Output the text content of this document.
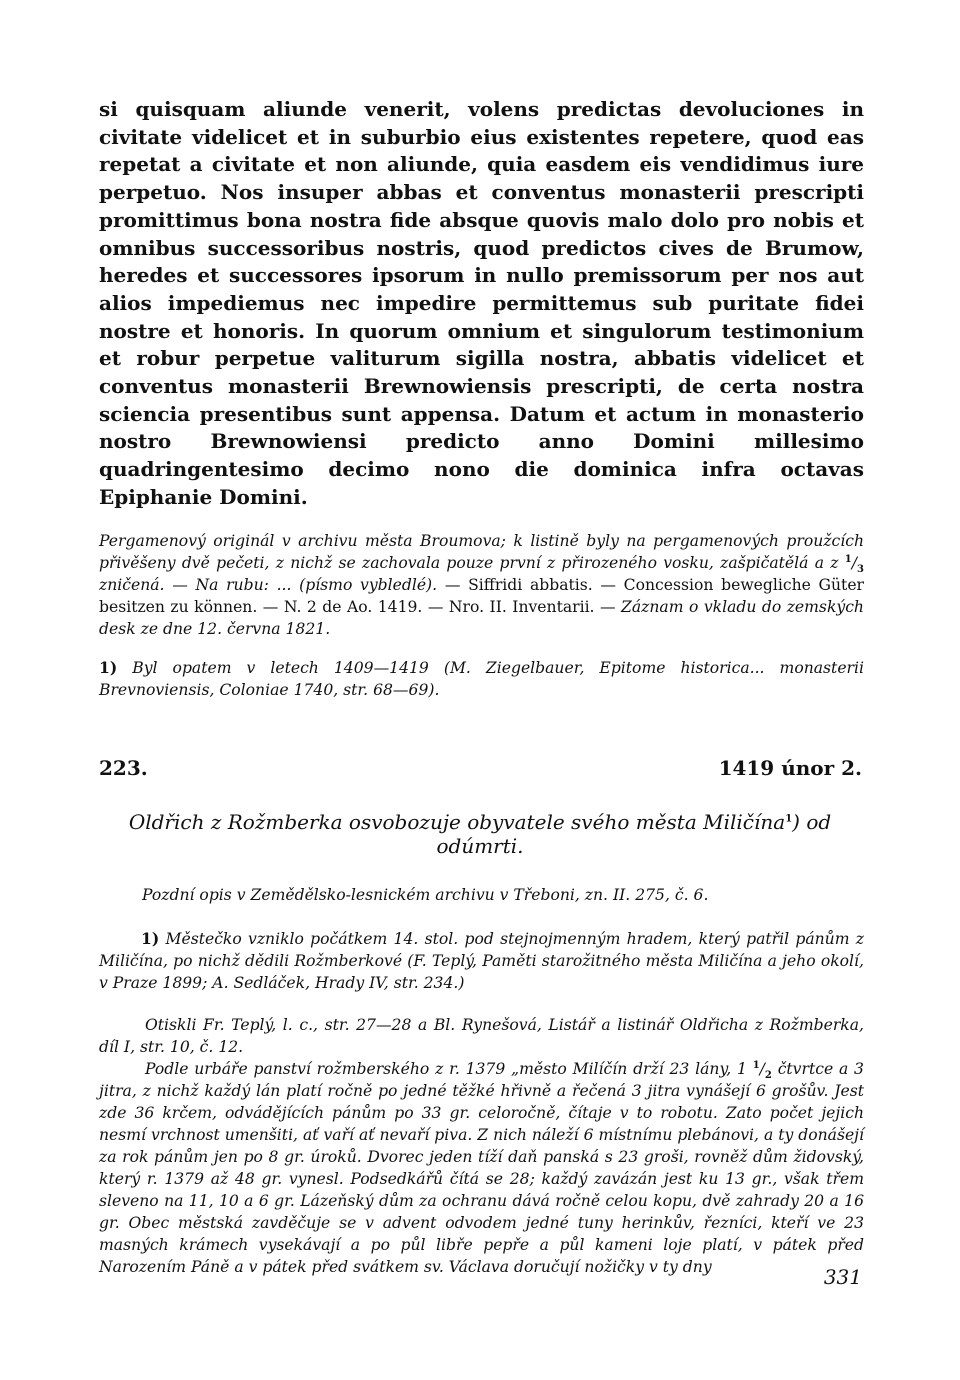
si quisquam aliunde venerit, volens predictas devoluciones in civitate videlicet et in suburbio eius existentes repetere, quod eas repetat a civitate et non aliunde, quia easdem eis vendidimus iure perpetuo. Nos insuper abbas et conventus monasterii prescripti promittimus bona nostra fide absque quovis malo dolo pro nobis et omnibus successoribus nostris, quod predictos cives de Brumow, heredes et successores ipsorum in nullo premissorum per nos aut alios impediemus nec impedire permittemus sub puritate fidei nostre et honoris. In quorum omnium et singulorum testimonium et robur perpetue valiturum sigilla nostra, abbatis videlicet et conventus monasterii Brewnowiensis prescripti, de certa nostra sciencia presentibus sunt appensa. Datum et actum in monasterio nostro Brewnowiensi predicto anno Domini millesimo quadringentesimo decimo nono die dominica infra octavas Epiphanie Domini.

Pergamenový originál v archivu města Broumova; k listině byly na pergamenových proužcích přivěšeny dvě pečeti, z nichž se zachovala pouze první z přirozeného vosku, zašpičatělá a z $^1/_3$ zničená. — Na rubu: ... (písmo vybledlé). — Siffridi abbatis. — Concession bewegliche Güter besitzen zu können. — N. 2 de Ao. 1419. — Nro. II. Inventarii. — Záznam o vkladu do zemských desk ze dne 12. června 1821.

1) Byl opatem v letech 1409—1419 (M. Ziegelbauer, Epitome historica... monasterii Brevnoviensis, Coloniae 1740, str. 68—69).

223.	1419 únor 2.

Oldřich z Rožmberka osvobozuje obyvatele svého města Miličína$^1$) od odúmrti.

Pozdní opis v Zemědělsko-lesnickém archivu v Třeboni, zn. II. 275, č. 6.

1) Městečko vzniklo počátkem 14. stol. pod stejnojmenným hradem, který patřil pánům z Miličína, po nichž dědili Rožmberkové (F. Teplý, Paměti starožitného města Miličína a jeho okolí, v Praze 1899; A. Sedláček, Hrady IV, str. 234.)

Otiskli Fr. Teplý, l. c., str. 27—28 a Bl. Rynešová, Listář a listinář Oldřicha z Rožmberka, díl I, str. 10, č. 12.

Podle urbáře panství rožmberského z r. 1379 „město Milíčín drží 23 lány, 1 $^1/_2$ čtvrtce a 3 jitra, z nichž každý lán platí ročně po jedné těžké hřivně a řečená 3 jitra vynášejí 6 grošův. Jest zde 36 krčem, odvádějících pánům po 33 gr. celoročně, čítaje v to robotu. Zato počet jejich nesmí vrchnost umenšiti, ať vaří ať nevaří piva. Z nich náleží 6 místnímu plebánovi, a ty donášejí za rok pánům jen po 8 gr. úroků. Dvorec jeden tíží daň panská s 23 groši, rovněž dům židovský, který r. 1379 až 48 gr. vynesl. Podsedkářů čítá se 28; každý zavázán jest ku 13 gr., však třem sleveno na 11, 10 a 6 gr. Lázeňský dům za ochranu dává ročně celou kopu, dvě zahrady 20 a 16 gr. Obec městská zavděčuje se v advent odvodem jedné tuny herinkův, řezníci, kteří ve 23 masných krámech vysekávají a po půl libře pepře a půl kameni loje platí, v pátek před Narozením Páně a v pátek před svátkem sv. Václava doručují nožičky v ty dny	331
